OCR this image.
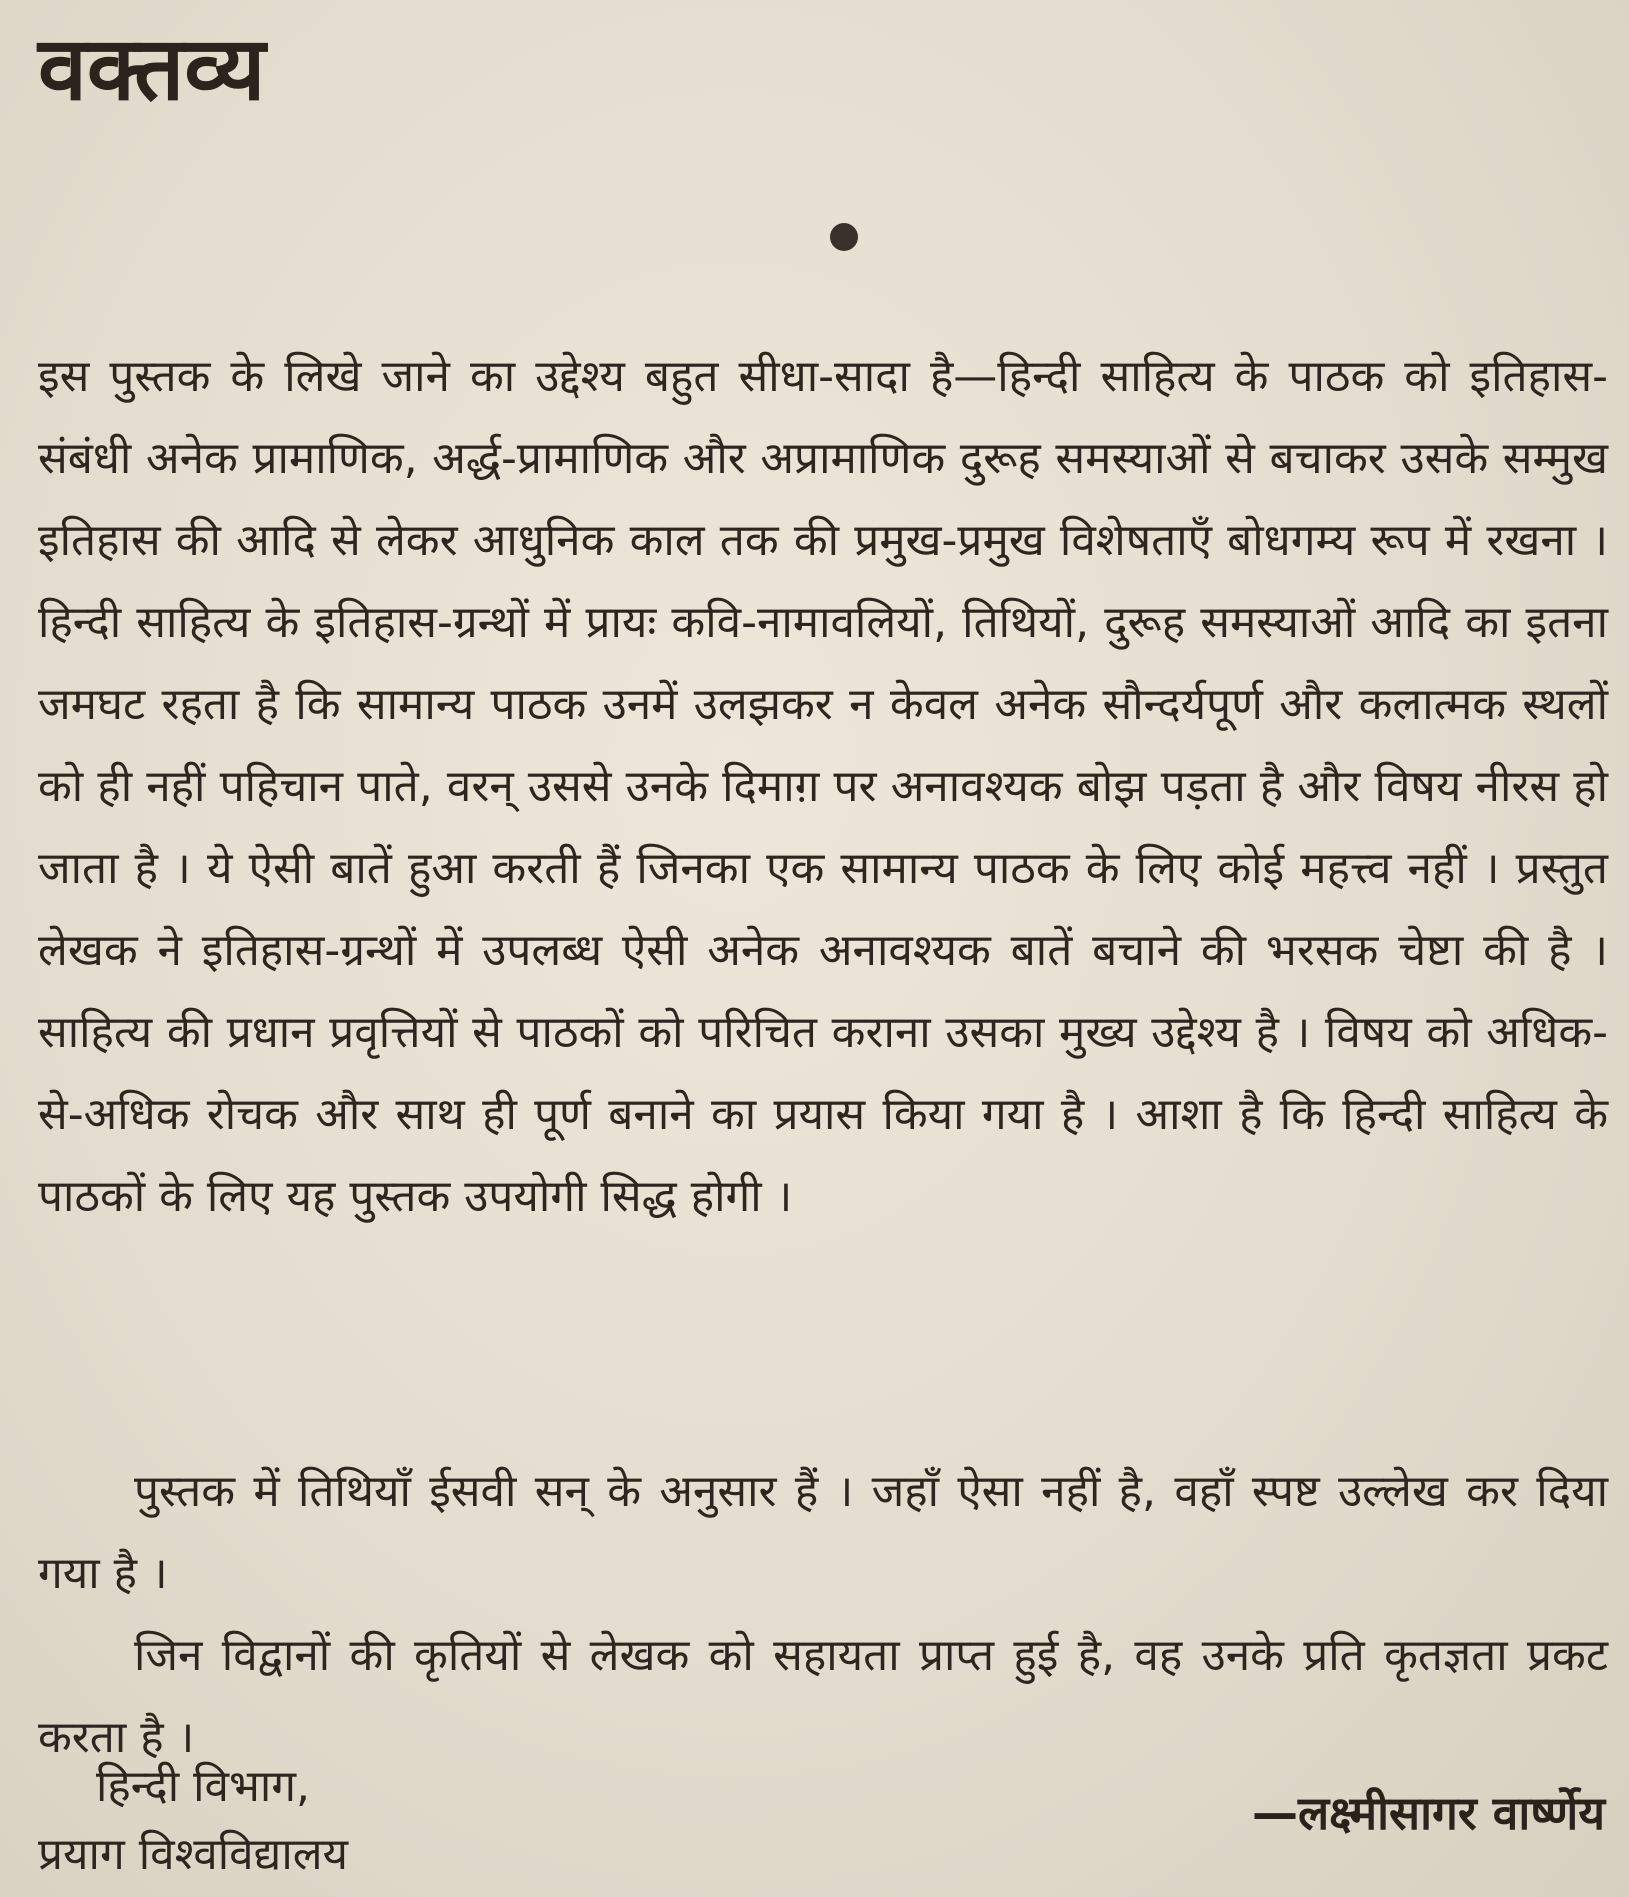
वक्तव्य

इस पुस्तक के लिखे जाने का उद्देश्य बहुत सीधा-सादा है—हिन्दी साहित्य के पाठक को इतिहास-संबंधी अनेक प्रामाणिक, अर्द्ध-प्रामाणिक और अप्रामाणिक दुरूह समस्याओं से बचाकर उसके सम्मुख इतिहास की आदि से लेकर आधुनिक काल तक की प्रमुख-प्रमुख विशेषताएँ बोधगम्य रूप में रखना । हिन्दी साहित्य के इतिहास-ग्रन्थों में प्रायः कवि-नामावलियों, तिथियों, दुरूह समस्याओं आदि का इतना जमघट रहता है कि सामान्य पाठक उनमें उलझकर न केवल अनेक सौन्दर्यपूर्ण और कलात्मक स्थलों को ही नहीं पहिचान पाते, वरन् उससे उनके दिमाग़ पर अनावश्यक बोझ पड़ता है और विषय नीरस हो जाता है । ये ऐसी बातें हुआ करती हैं जिनका एक सामान्य पाठक के लिए कोई महत्त्व नहीं । प्रस्तुत लेखक ने इतिहास-ग्रन्थों में उपलब्ध ऐसी अनेक अनावश्यक बातें बचाने की भरसक चेष्टा की है । साहित्य की प्रधान प्रवृत्तियों से पाठकों को परिचित कराना उसका मुख्य उद्देश्य है । विषय को अधिक-से-अधिक रोचक और साथ ही पूर्ण बनाने का प्रयास किया गया है । आशा है कि हिन्दी साहित्य के पाठकों के लिए यह पुस्तक उपयोगी सिद्ध होगी ।

पुस्तक में तिथियाँ ईसवी सन् के अनुसार हैं । जहाँ ऐसा नहीं है, वहाँ स्पष्ट उल्लेख कर दिया गया है ।

जिन विद्वानों की कृतियों से लेखक को सहायता प्राप्त हुई है, वह उनके प्रति कृतज्ञता प्रकट करता है ।

हिन्दी विभाग,

प्रयाग विश्वविद्यालय

—लक्ष्मीसागर वार्ष्णेय
